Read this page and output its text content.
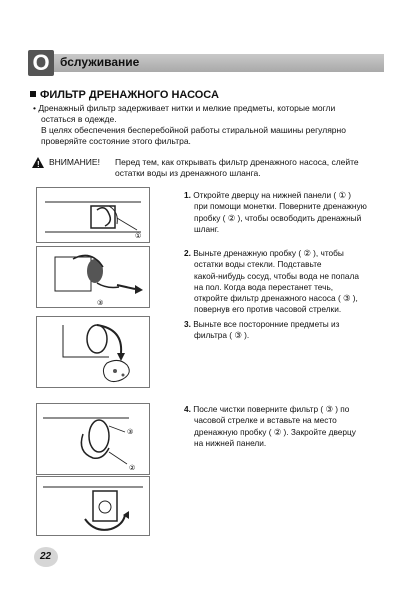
О бслуживание
ФИЛЬТР ДРЕНАЖНОГО НАСОСА
• Дренажный фильтр задерживает нитки и мелкие предметы, которые могли
остаться в одежде.
В целях обеспечения бесперебойной работы стиральной машины регулярно
проверяйте состояние этого фильтра.
! ВНИМАНИЕ! Перед тем, как открывать фильтр дренажного насоса, слейте
остатки воды из дренажного шланга.
①
③
③
②
1. Откройте дверцу на нижней панели ( ① )
при помощи монетки. Поверните дренажную
пробку ( ② ), чтобы освободить дренажный
шланг.
2. Выньте дренажную пробку ( ② ), чтобы
остатки воды стекли. Подставьте
какой-нибудь сосуд, чтобы вода не попала
на пол. Когда вода перестанет течь,
откройте фильтр дренажного насоса ( ③ ),
повернув его против часовой стрелки.
3. Выньте все посторонние предметы из
фильтра ( ③ ).
4. После чистки поверните фильтр ( ③ ) по
часовой стрелке и вставьте на место
дренажную пробку ( ② ). Закройте дверцу
на нижней панели.
22
